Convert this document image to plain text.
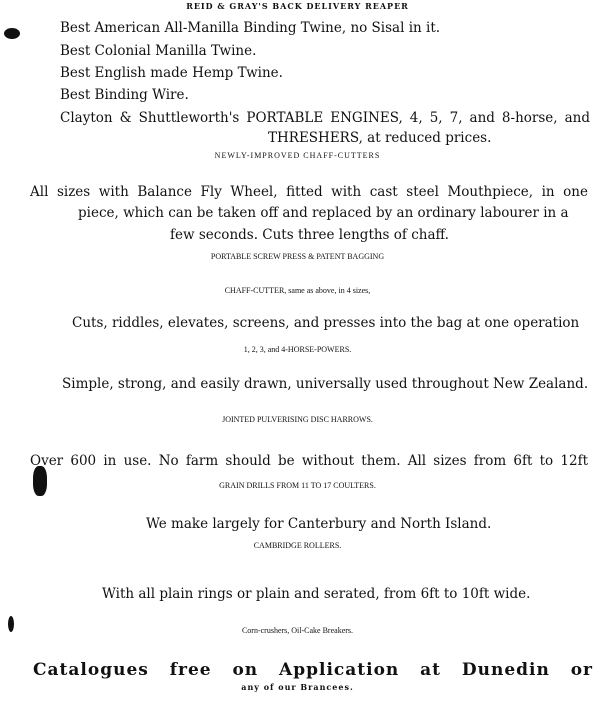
REID & GRAY'S BACK DELIVERY REAPER
Best American All-Manilla Binding Twine, no Sisal in it.
Best Colonial Manilla Twine.
Best English made Hemp Twine.
Best Binding Wire.
Clayton & Shuttleworth's PORTABLE ENGINES, 4, 5, 7, and 8-horse, and
THRESHERS, at reduced prices.
NEWLY-IMPROVED CHAFF-CUTTERS
All sizes with Balance Fly Wheel, fitted with cast steel Mouthpiece, in one
piece, which can be taken off and replaced by an ordinary labourer in a
few seconds. Cuts three lengths of chaff.
PORTABLE SCREW PRESS & PATENT BAGGING
CHAFF-CUTTER, same as above, in 4 sizes,
Cuts, riddles, elevates, screens, and presses into the bag at one operation
1, 2, 3, and 4-HORSE-POWERS.
Simple, strong, and easily drawn, universally used throughout New Zealand.
JOINTED PULVERISING DISC HARROWS.
Over 600 in use. No farm should be without them. All sizes from 6ft to 12ft
GRAIN DRILLS FROM 11 TO 17 COULTERS.
We make largely for Canterbury and North Island.
CAMBRIDGE ROLLERS.
With all plain rings or plain and serated, from 6ft to 10ft wide.
Corn-crushers, Oil-Cake Breakers.
Catalogues free on Application at Dunedin or
any of our Brancees.
